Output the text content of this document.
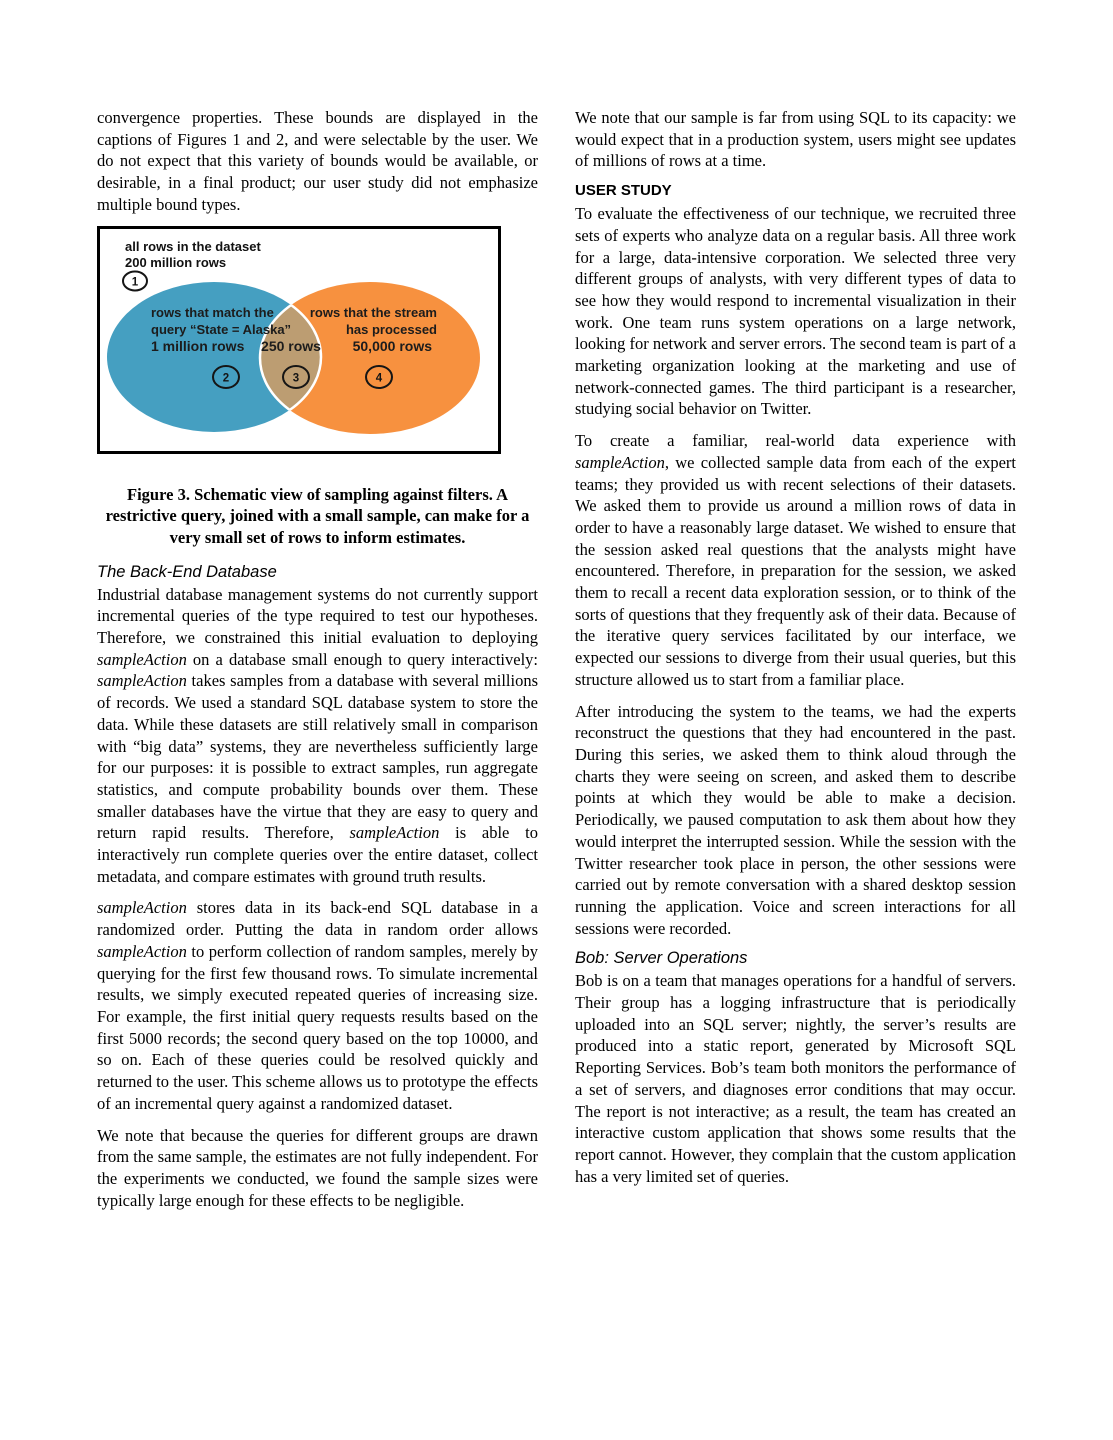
convergence properties. These bounds are displayed in the captions of Figures 1 and 2, and were selectable by the user. We do not expect that this variety of bounds would be available, or desirable, in a final product; our user study did not emphasize multiple bound types.

all rows in the dataset
200 million rows
1
rows that match the
query “State = Alaska”
1 million rows
2
250 rows
3
rows that the stream
has processed
50,000 rows
4

Figure 3. Schematic view of sampling against filters. A restrictive query, joined with a small sample, can make for a very small set of rows to inform estimates.

The Back-End Database

Industrial database management systems do not currently support incremental queries of the type required to test our hypotheses. Therefore, we constrained this initial evaluation to deploying sampleAction on a database small enough to query interactively: sampleAction takes samples from a database with several millions of records. We used a standard SQL database system to store the data. While these datasets are still relatively small in comparison with “big data” systems, they are nevertheless sufficiently large for our purposes: it is possible to extract samples, run aggregate statistics, and compute probability bounds over them. These smaller databases have the virtue that they are easy to query and return rapid results. Therefore, sampleAction is able to interactively run complete queries over the entire dataset, collect metadata, and compare estimates with ground truth results.

sampleAction stores data in its back-end SQL database in a randomized order. Putting the data in random order allows sampleAction to perform collection of random samples, merely by querying for the first few thousand rows. To simulate incremental results, we simply executed repeated queries of increasing size. For example, the first initial query requests results based on the first 5000 records; the second query based on the top 10000, and so on. Each of these queries could be resolved quickly and returned to the user. This scheme allows us to prototype the effects of an incremental query against a randomized dataset.

We note that because the queries for different groups are drawn from the same sample, the estimates are not fully independent. For the experiments we conducted, we found the sample sizes were typically large enough for these effects to be negligible.

We note that our sample is far from using SQL to its capacity: we would expect that in a production system, users might see updates of millions of rows at a time.

USER STUDY

To evaluate the effectiveness of our technique, we recruited three sets of experts who analyze data on a regular basis. All three work for a large, data-intensive corporation. We selected three very different groups of analysts, with very different types of data to see how they would respond to incremental visualization in their work. One team runs system operations on a large network, looking for network and server errors. The second team is part of a marketing organization looking at the marketing and use of network-connected games. The third participant is a researcher, studying social behavior on Twitter.

To create a familiar, real-world data experience with sampleAction, we collected sample data from each of the expert teams; they provided us with recent selections of their datasets. We asked them to provide us around a million rows of data in order to have a reasonably large dataset. We wished to ensure that the session asked real questions that the analysts might have encountered. Therefore, in preparation for the session, we asked them to recall a recent data exploration session, or to think of the sorts of questions that they frequently ask of their data. Because of the iterative query services facilitated by our interface, we expected our sessions to diverge from their usual queries, but this structure allowed us to start from a familiar place.

After introducing the system to the teams, we had the experts reconstruct the questions that they had encountered in the past. During this series, we asked them to think aloud through the charts they were seeing on screen, and asked them to describe points at which they would be able to make a decision. Periodically, we paused computation to ask them about how they would interpret the interrupted session. While the session with the Twitter researcher took place in person, the other sessions were carried out by remote conversation with a shared desktop session running the application. Voice and screen interactions for all sessions were recorded.

Bob: Server Operations

Bob is on a team that manages operations for a handful of servers. Their group has a logging infrastructure that is periodically uploaded into an SQL server; nightly, the server’s results are produced into a static report, generated by Microsoft SQL Reporting Services. Bob’s team both monitors the performance of a set of servers, and diagnoses error conditions that may occur. The report is not interactive; as a result, the team has created an interactive custom application that shows some results that the report cannot. However, they complain that the custom application has a very limited set of queries.
